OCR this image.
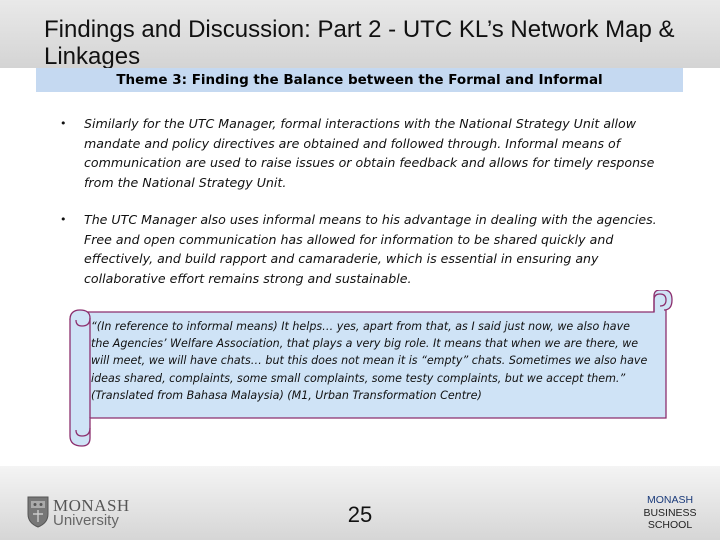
Findings and Discussion: Part 2 - UTC KL’s Network Map & Linkages
Theme 3: Finding the Balance between the Formal and Informal
• Similarly for the UTC Manager, formal interactions with the National Strategy Unit allow mandate and policy directives are obtained and followed through. Informal means of communication are used to raise issues or obtain feedback and allows for timely response from the National Strategy Unit.
• The UTC Manager also uses informal means to his advantage in dealing with the agencies. Free and open communication has allowed for information to be shared quickly and effectively, and build rapport and camaraderie, which is essential in ensuring any collaborative effort remains strong and sustainable.
“(In reference to informal means) It helps… yes, apart from that, as I said just now, we also have the Agencies’ Welfare Association, that plays a very big role. It means that when we are there, we will meet, we will have chats… but this does not mean it is “empty” chats. Sometimes we also have ideas shared, complaints, some small complaints, some testy complaints, but we accept them.” (Translated from Bahasa Malaysia) (M1, Urban Transformation Centre)
MONASH
University	25
MONASH
BUSINESS
SCHOOL
